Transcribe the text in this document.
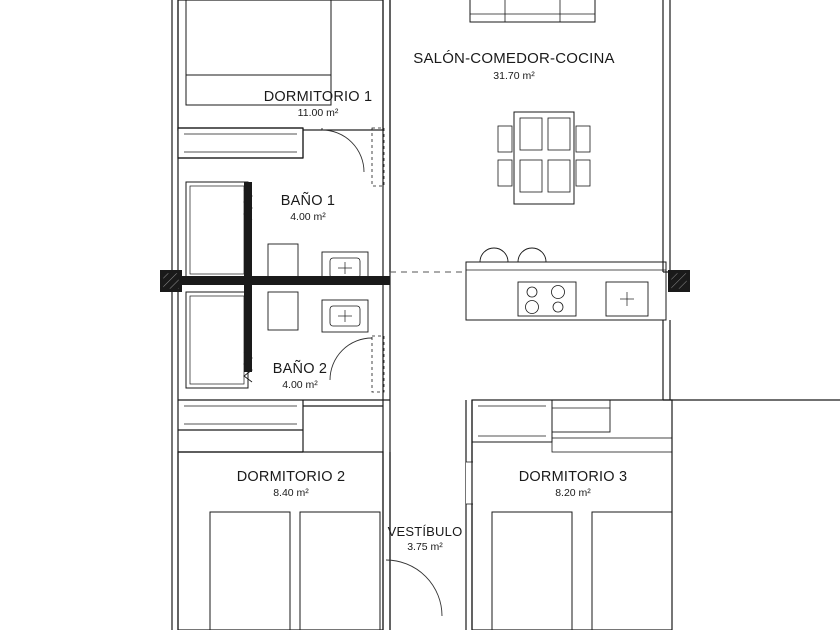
DORMITORIO 1
11.00 m²
SALÓN-COMEDOR-COCINA
31.70 m²
BAÑO 1
4.00 m²
BAÑO 2
4.00 m²
DORMITORIO 2
8.40 m²
DORMITORIO 3
8.20 m²
VESTÍBULO
3.75 m²
